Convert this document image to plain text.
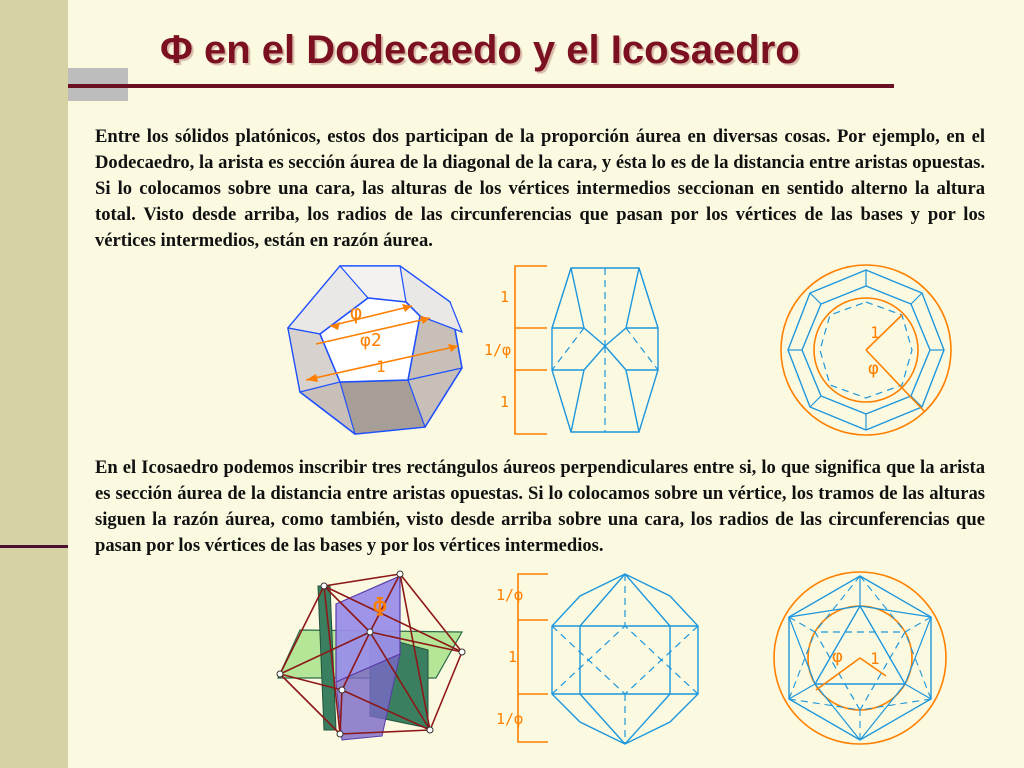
Φ en el Dodecaedo y el Icosaedro

Entre los sólidos platónicos, estos dos participan de la proporción áurea en diversas cosas. Por ejemplo, en el Dodecaedro, la arista es sección áurea de la diagonal de la cara, y ésta lo es de la distancia entre aristas opuestas. Si lo colocamos sobre una cara, las alturas de los vértices intermedios seccionan en sentido alterno la altura total. Visto desde arriba, los radios de las circunferencias que pasan por los vértices de las bases y por los vértices intermedios, están en razón áurea.

φ
φ2
1
1
1/φ
1
1
φ

En el Icosaedro podemos inscribir tres rectángulos áureos perpendiculares entre si, lo que significa que la arista es sección áurea de la distancia entre aristas opuestas. Si lo colocamos sobre un vértice, los tramos de las alturas siguen la razón áurea, como también, visto desde arriba sobre una cara, los radios de las circunferencias que pasan por los vértices de las bases y por los vértices intermedios.

Φ	1/φ
1
1/φ
φ 1
